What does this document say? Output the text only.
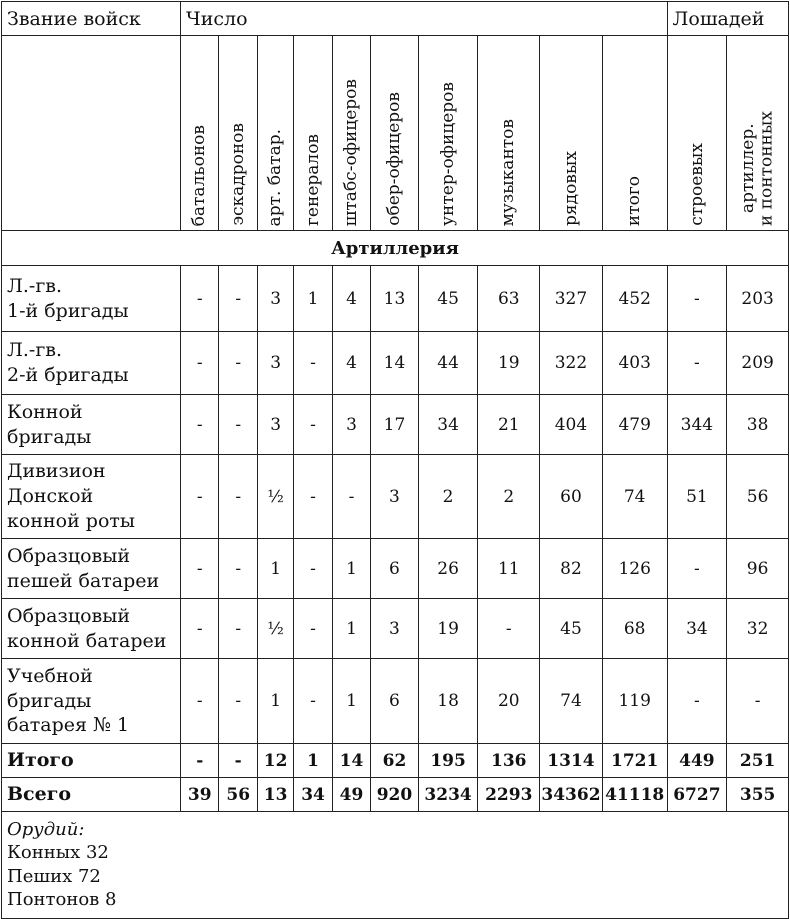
Звание войск	Число										Лошадей	
	батальонов	эскадронов	арт. батар.	генералов	штабс-офицеров	обер-офицеров	унтер-офицеров	музыкантов	рядовых	итого	строевых	артиллер.
и понтонных
Артиллерия												
Л.-гв.
1-й бригады	-	-	3	1	4	13	45	63	327	452	-	203
Л.-гв.
2-й бригады	-	-	3	-	4	14	44	19	322	403	-	209
Конной
бригады	-	-	3	-	3	17	34	21	404	479	344	38
Дивизион
Донской
конной роты	-	-	½	-	-	3	2	2	60	74	51	56
Образцовый
пешей батареи	-	-	1	-	1	6	26	11	82	126	-	96
Образцовый
конной батареи	-	-	½	-	1	3	19	-	45	68	34	32
Учебной
бригады
батарея № 1	-	-	1	-	1	6	18	20	74	119	-	-
Итого	-	-	12	1	14	62	195	136	1314	1721	449	251
Всего	39	56	13	34	49	920	3234	2293	34362	41118	6727	355
Орудий:
Конных 32
Пеших 72
Понтонов 8												
